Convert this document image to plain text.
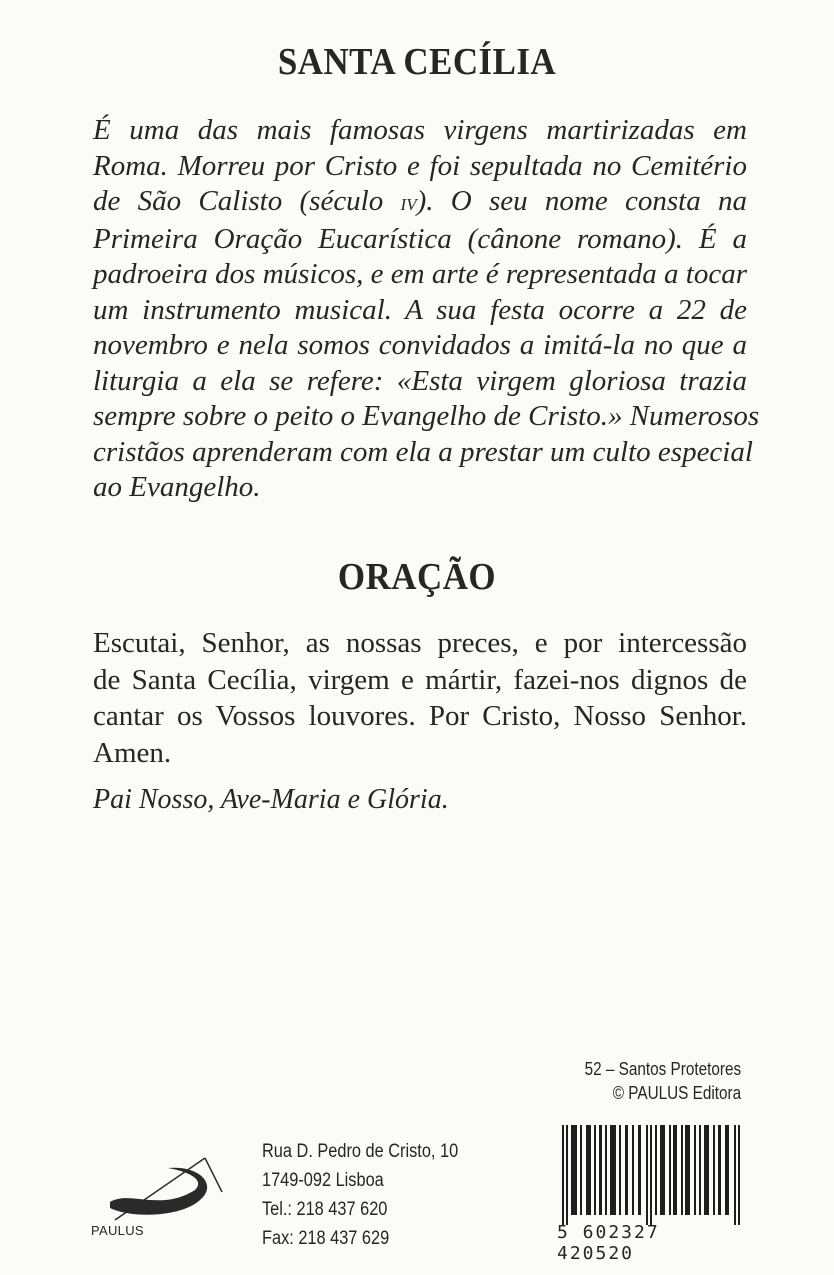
SANTA CECÍLIA
É uma das mais famosas virgens martirizadas em
Roma. Morreu por Cristo e foi sepultada no Cemitério
de São Calisto (século iv). O seu nome consta na
Primeira Oração Eucarística (cânone romano). É a
padroeira dos músicos, e em arte é representada a tocar
um instrumento musical. A sua festa ocorre a 22 de
novembro e nela somos convidados a imitá-la no que a
liturgia a ela se refere: «Esta virgem gloriosa trazia
sempre sobre o peito o Evangelho de Cristo.» Numerosos
cristãos aprenderam com ela a prestar um culto especial
ao Evangelho.
ORAÇÃO
Escutai, Senhor, as nossas preces, e por intercessão
de Santa Cecília, virgem e mártir, fazei-nos dignos de
cantar os Vossos louvores. Por Cristo, Nosso Senhor.
Amen.
Pai Nosso, Ave-Maria e Glória.
52 – Santos Protetores
© PAULUS Editora
5 602327 420520
PAULUS
Rua D. Pedro de Cristo, 10
1749-092 Lisboa
Tel.: 218 437 620
Fax: 218 437 629
